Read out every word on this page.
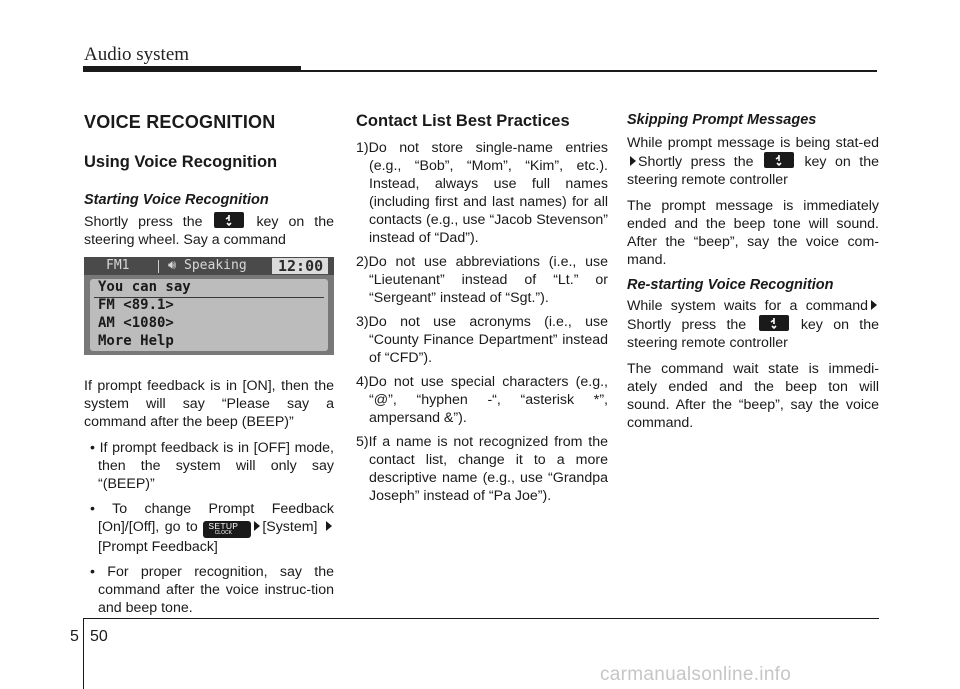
Audio system
VOICE RECOGNITION
Using Voice Recognition
Starting Voice Recognition

Shortly press the	key on the steering wheel. Say a command

FM1	🔊︎ Speaking 12:00
You can say
FM <89.1>
AM <1080>
More Help

If prompt feedback is in [ON], then the system will say “Please say a command after the beep (BEEP)”

• If prompt feedback is in [OFF] mode, then the system will only say “(BEEP)”
• To change Prompt Feedback [On]/[Off], go to	SETUP
CLOCK	[System] [Prompt Feedback]
• For proper recognition, say the command after the voice instruc-tion and beep tone.
Contact List Best Practices
1)Do not store single-name entries (e.g., “Bob”, “Mom”, “Kim”, etc.). Instead, always use full names (including first and last names) for all contacts (e.g., use “Jacob Stevenson” instead of “Dad”).
2)Do not use abbreviations (i.e., use “Lieutenant” instead of “Lt.” or “Sergeant” instead of “Sgt.”).
3)Do not use acronyms (i.e., use “County Finance Department” instead of “CFD”).
4)Do not use special characters (e.g., “@”, “hyphen -“, “asterisk *”, ampersand &”).
5)If a name is not recognized from the contact list, change it to a more descriptive name (e.g., use “Grandpa Joseph” instead of “Pa Joe”).
Skipping Prompt Messages

While prompt message is being stat-edShortly press the	key on the steering remote controller

The prompt message is immediately ended and the beep tone will sound. After the “beep”, say the voice com-mand.

Re-starting Voice Recognition

While system waits for a command Shortly press the	key on the steering remote controller

The command wait state is immedi-ately ended and the beep ton will sound. After the “beep”, say the voice command.

5 50
carmanualsonline.info
